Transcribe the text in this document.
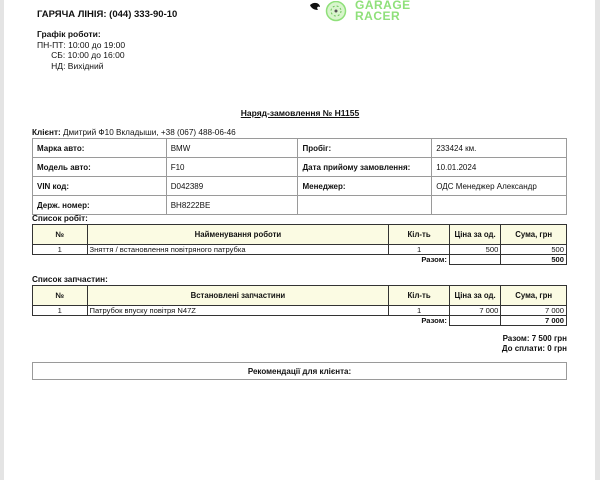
ГАРЯЧА ЛІНІЯ: (044) 333-90-10
Графік роботи:
ПН-ПТ: 10:00 до 19:00
СБ: 10:00 до 16:00
НД: Вихідний
GARAGE
RACER
Наряд-замовлення № Н1155
Клієнт: Дмитрий Ф10 Вкладыши, +38 (067) 488-06-46
Марка авто:	BMW	Пробіг:	233424 км.
Модель авто:	F10	Дата прийому замовлення:	10.01.2024
VIN код:	D042389	Менеджер:	ОДС Менеджер Александр
Держ. номер:	BH8222BE		
Список робіт:
№	Найменування роботи	Кіл-ть	Ціна за од.	Сума, грн
1	Зняття / встановлення повітряного патрубка	1	500	500
Разом:				500
Список запчастин:
№	Встановлені запчастини	Кіл-ть	Ціна за од.	Сума, грн
1	Патрубок впуску повітря N47Z	1	7 000	7 000
Разом:				7 000
Разом: 7 500 грн
До сплати: 0 грн
Рекомендації для клієнта:
